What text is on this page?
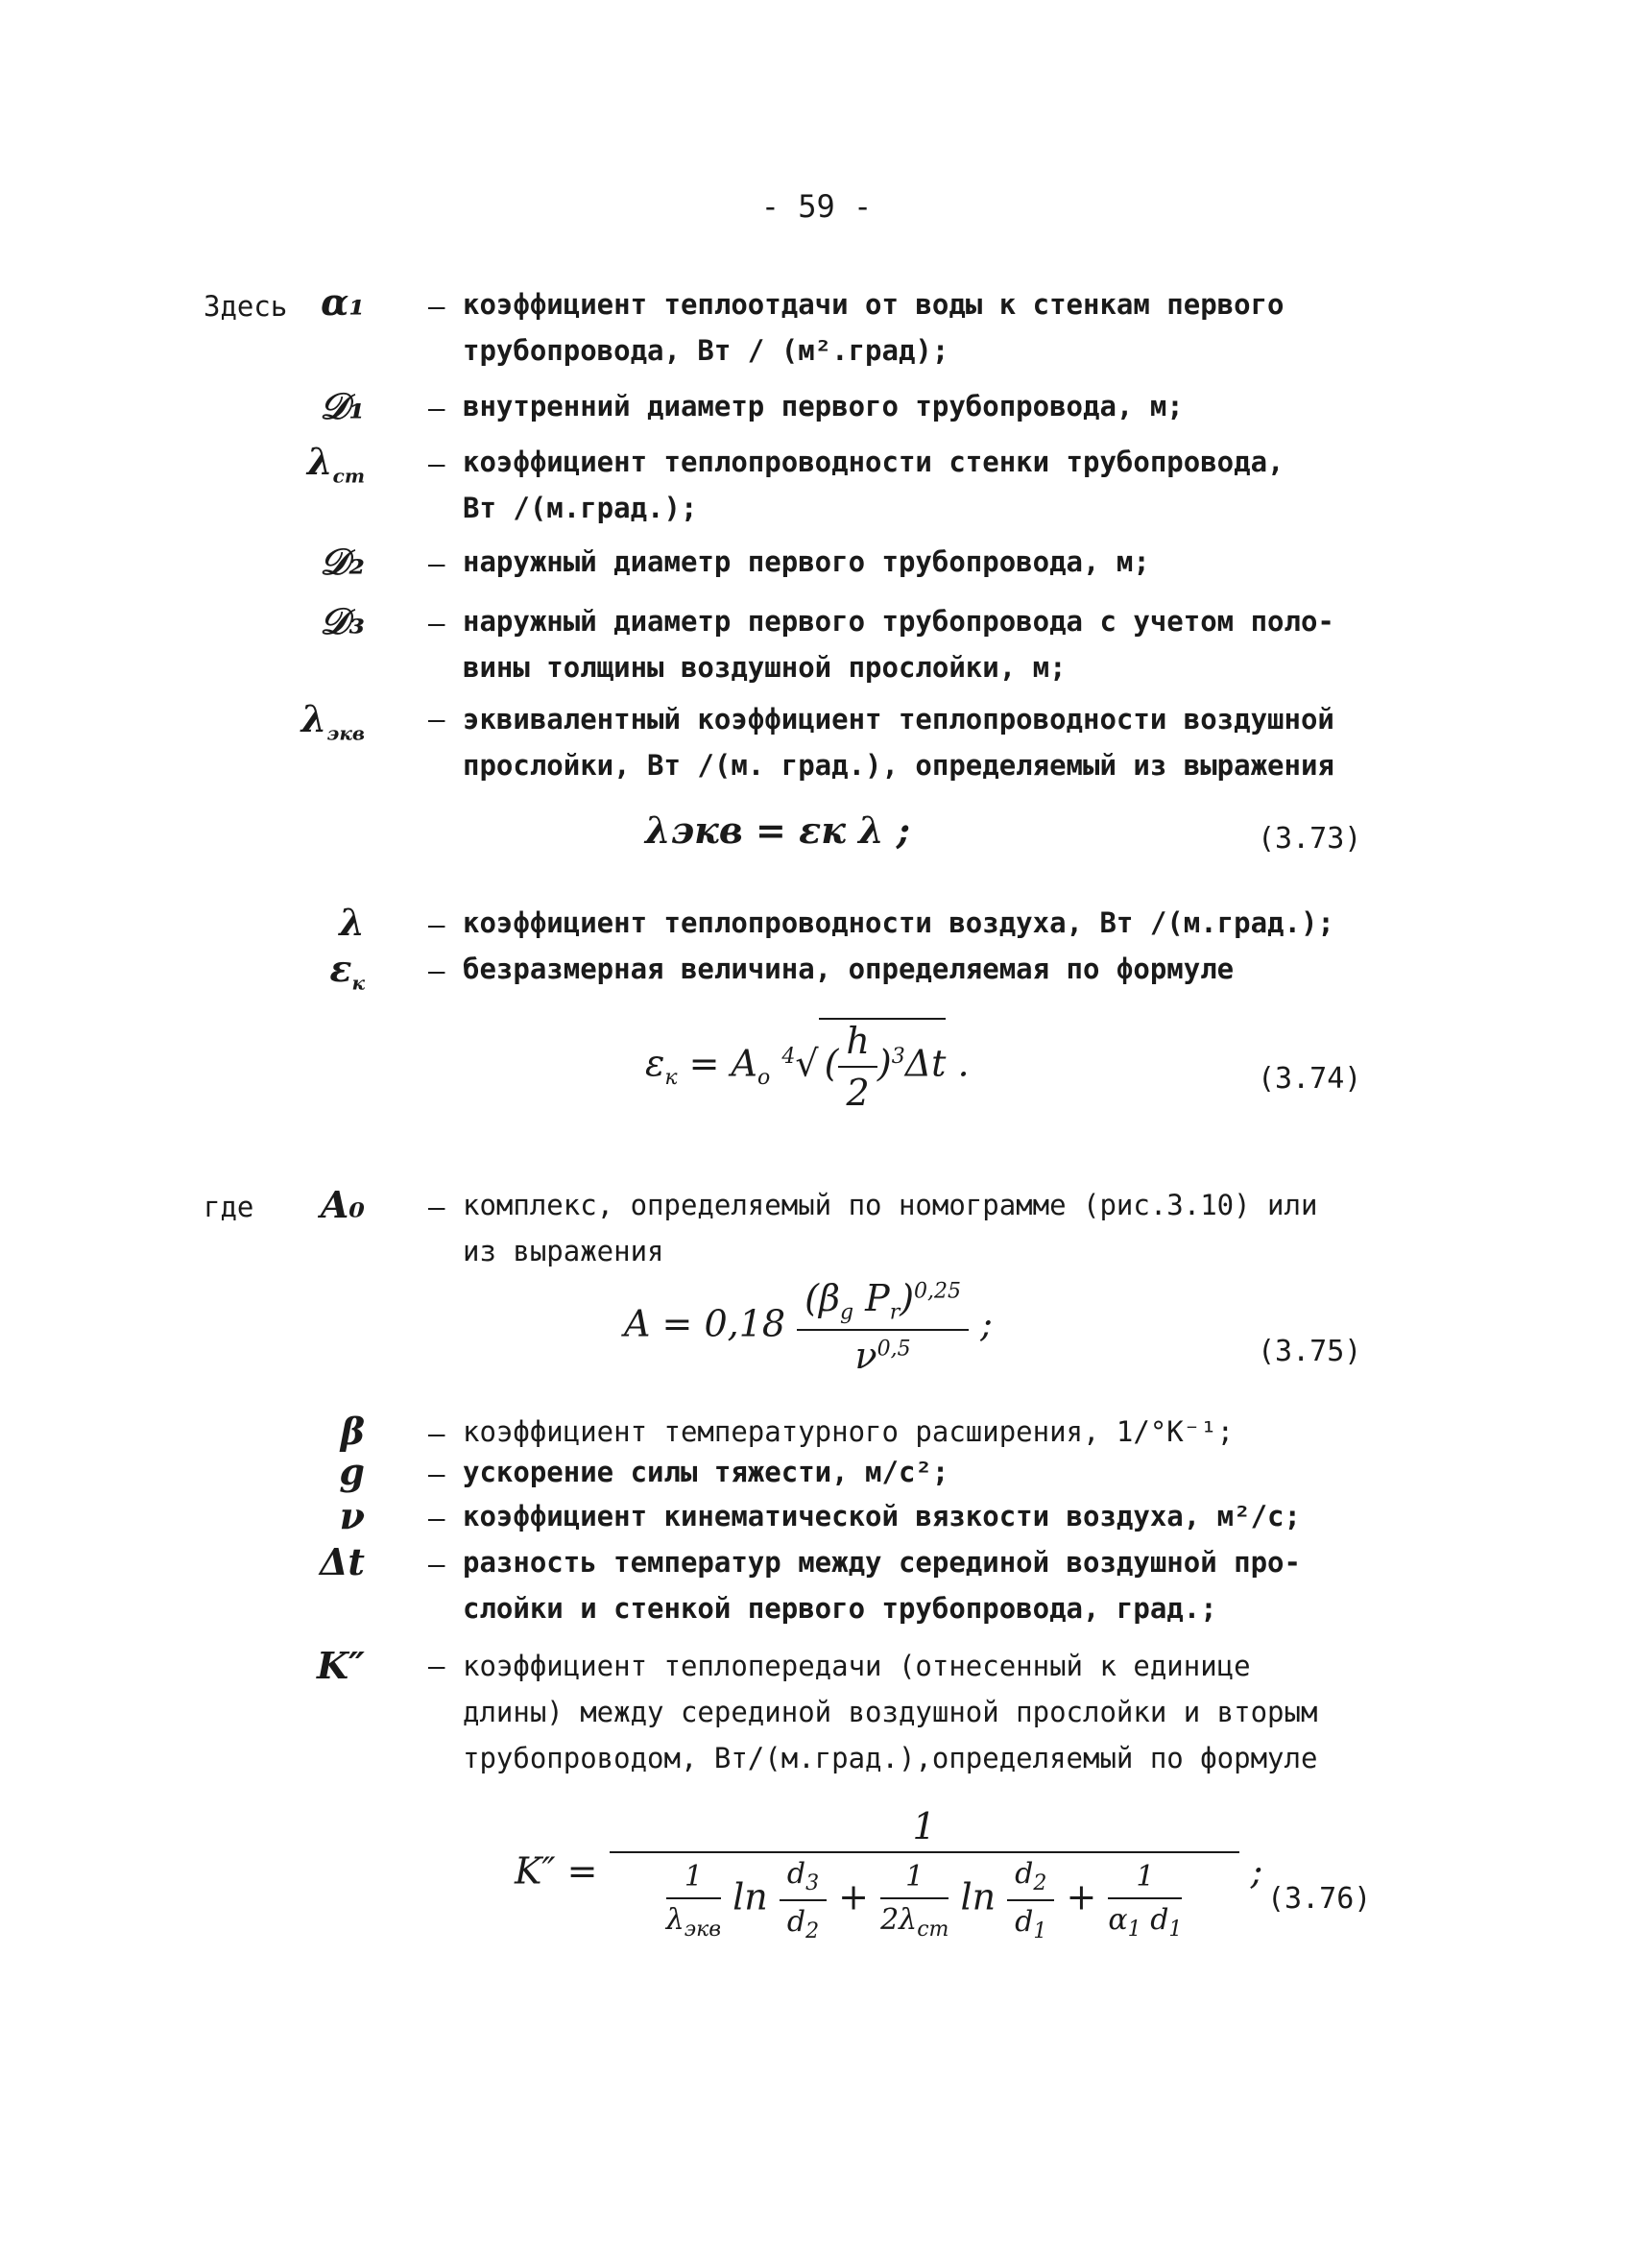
- 59 -
Здесь α₁ – коэффициент теплоотдачи от воды к стенкам первого
трубопровода, Вт / (м².град);
𝒟₁ – внутренний диаметр первого трубопровода, м;
$\lambda_{ст}$ – коэффициент теплопроводности стенки трубопровода,
Вт /(м.град.);
𝒟₂ – наружный диаметр первого трубопровода, м;
𝒟₃ – наружный диаметр первого трубопровода с учетом поло-
вины толщины воздушной прослойки, м;
$\lambda_{экв}$ – эквивалентный коэффициент теплопроводности воздушной
прослойки, Вт /(м. град.), определяемый из выражения
λэкв = εк λ ;	(3.73)
λ – коэффициент теплопроводности воздуха, Вт /(м.град.);
$\varepsilon_к$ – безразмерная величина, определяемая по формуле
$\varepsilon_к = A_o$ $^4$√ ( $\frac{h}{2} )^3\Delta t$ .	(3.74)
где	A₀ – комплекс, определяемый по номограмме (рис.3.10) или
из выражения
$A = 0,18 \frac{(\beta_g P_r)^{0,25}}{\nu^{0,5}}$ ;
(3.75)
β – коэффициент температурного расширения, 1/°К⁻¹;
g – ускорение силы тяжести, м/с²;
ν – коэффициент кинематической вязкости воздуха, м²/с;
Δt – разность температур между серединой воздушной про-
слойки и стенкой первого трубопровода, град.;
K″ – коэффициент теплопередачи (отнесенный к единице
длины) между серединой воздушной прослойки и вторым
трубопроводом, Вт/(м.град.),определяемый по формуле
K″ =
1
$\frac{1}{\lambda_{экв}}$ $\ln \frac{d_3}{d_2} + \frac{1}{2\lambda_{ст}}$ $\ln \frac{d_2}{d_1} + \frac{1}{\alpha_1 d_1}$ ;
(3.76)
